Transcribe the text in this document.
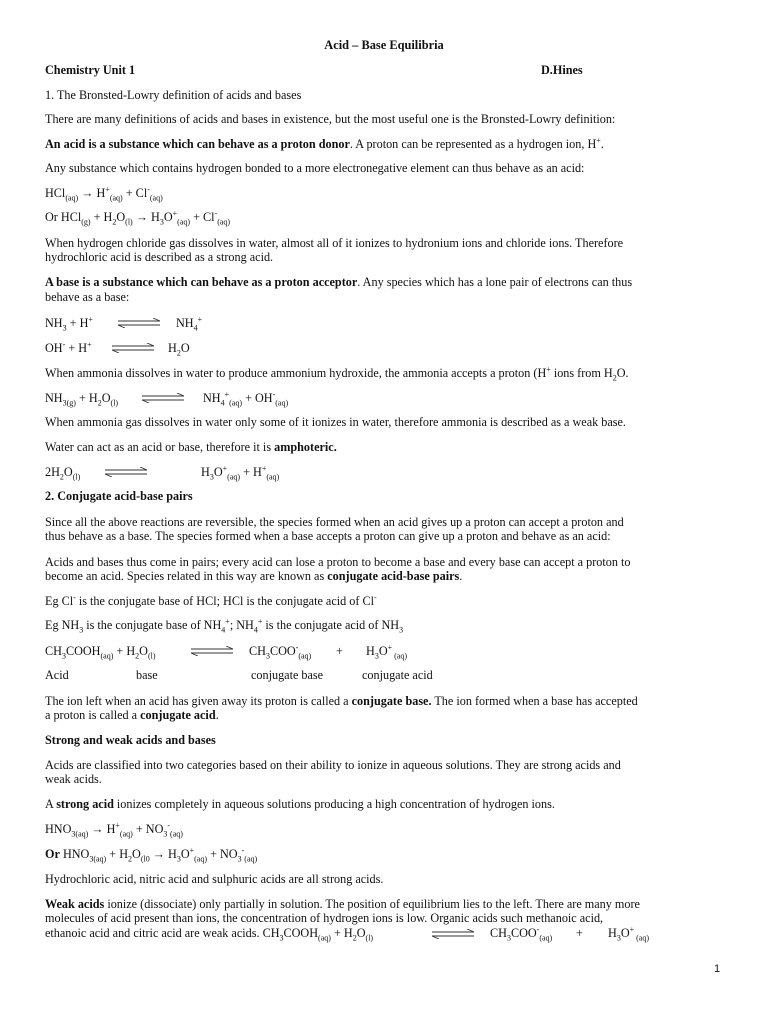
Acid – Base Equilibria
Chemistry Unit 1	D.Hines
1. The Bronsted-Lowry definition of acids and bases
There are many definitions of acids and bases in existence, but the most useful one is the Bronsted-Lowry definition:
An acid is a substance which can behave as a proton donor. A proton can be represented as a hydrogen ion, H+.
Any substance which contains hydrogen bonded to a more electronegative element can thus behave as an acid:
$HCl_{(aq)} \to H^+_{(aq)} + Cl^-_{(aq)}$
Or $HCl_{(g)} + H_2O_{(l)} \to H_3O^+_{(aq)} + Cl^-_{(aq)}$
When hydrogen chloride gas dissolves in water, almost all of it ionizes to hydronium ions and chloride ions. Therefore
hydrochloric acid is described as a strong acid.
A base is a substance which can behave as a proton acceptor. Any species which has a lone pair of electrons can thus
behave as a base:
$NH_3 + H^+$ ⇌ $NH_4^+$
OH- + H+ ⇌ $H_2O$
When ammonia dissolves in water to produce ammonium hydroxide, the ammonia accepts a proton (H+ ions from $H_2O$.
$NH_{3(g)} + H_2O_{(l)}$ ⇌ $NH_4^+_{(aq)} + OH^-_{(aq)}$
When ammonia gas dissolves in water only some of it ionizes in water, therefore ammonia is described as a weak base.
Water can act as an acid or base, therefore it is amphoteric.
$2H_2O_{(l)}$	$H_3O^+_{(aq)} + H^+_{(aq)}$
2. Conjugate acid-base pairs
Since all the above reactions are reversible, the species formed when an acid gives up a proton can accept a proton and
thus behave as a base. The species formed when a base accepts a proton can give up a proton and behave as an acid:
Acids and bases thus come in pairs; every acid can lose a proton to become a base and every base can accept a proton to
become an acid. Species related in this way are known as conjugate acid-base pairs.
Eg Cl- is the conjugate base of HCl; HCl is the conjugate acid of Cl-
Eg $NH_3$ is the conjugate base of $NH_4^+$; $NH_4^+$ is the conjugate acid of $NH_3$
$CH_3COOH_{(aq)} + H_2O_{(l)}$	⇌ $CH_3COO^-_{(aq)} + H_3O^+$ $_{(aq)}$
Acid	base	conjugate base	conjugate acid
The ion left when an acid has given away its proton is called a conjugate base. The ion formed when a base has accepted
a proton is called a conjugate acid.
Strong and weak acids and bases
Acids are classified into two categories based on their ability to ionize in aqueous solutions. They are strong acids and
weak acids.
A strong acid ionizes completely in aqueous solutions producing a high concentration of hydrogen ions.
$HNO_{3(aq)} \to H^+_{(aq)} + NO_3^-_{(aq)}$
Or $HNO_{3(aq)} + H_2O_{(l0} \to H_3O^+_{(aq)} + NO_3^-_{(aq)}$
Hydrochloric acid, nitric acid and sulphuric acids are all strong acids.
Weak acids ionize (dissociate) only partially in solution. The position of equilibrium lies to the left. There are many more
molecules of acid present than ions, the concentration of hydrogen ions is low. Organic acids such methanoic acid,
ethanoic acid and citric acid are weak acids. $CH_3COOH_{(aq)} + H_2O_{(l)}$	⇌ $CH_3COO^-_{(aq)} + H_3O^+$ $_{(aq)}$
1
